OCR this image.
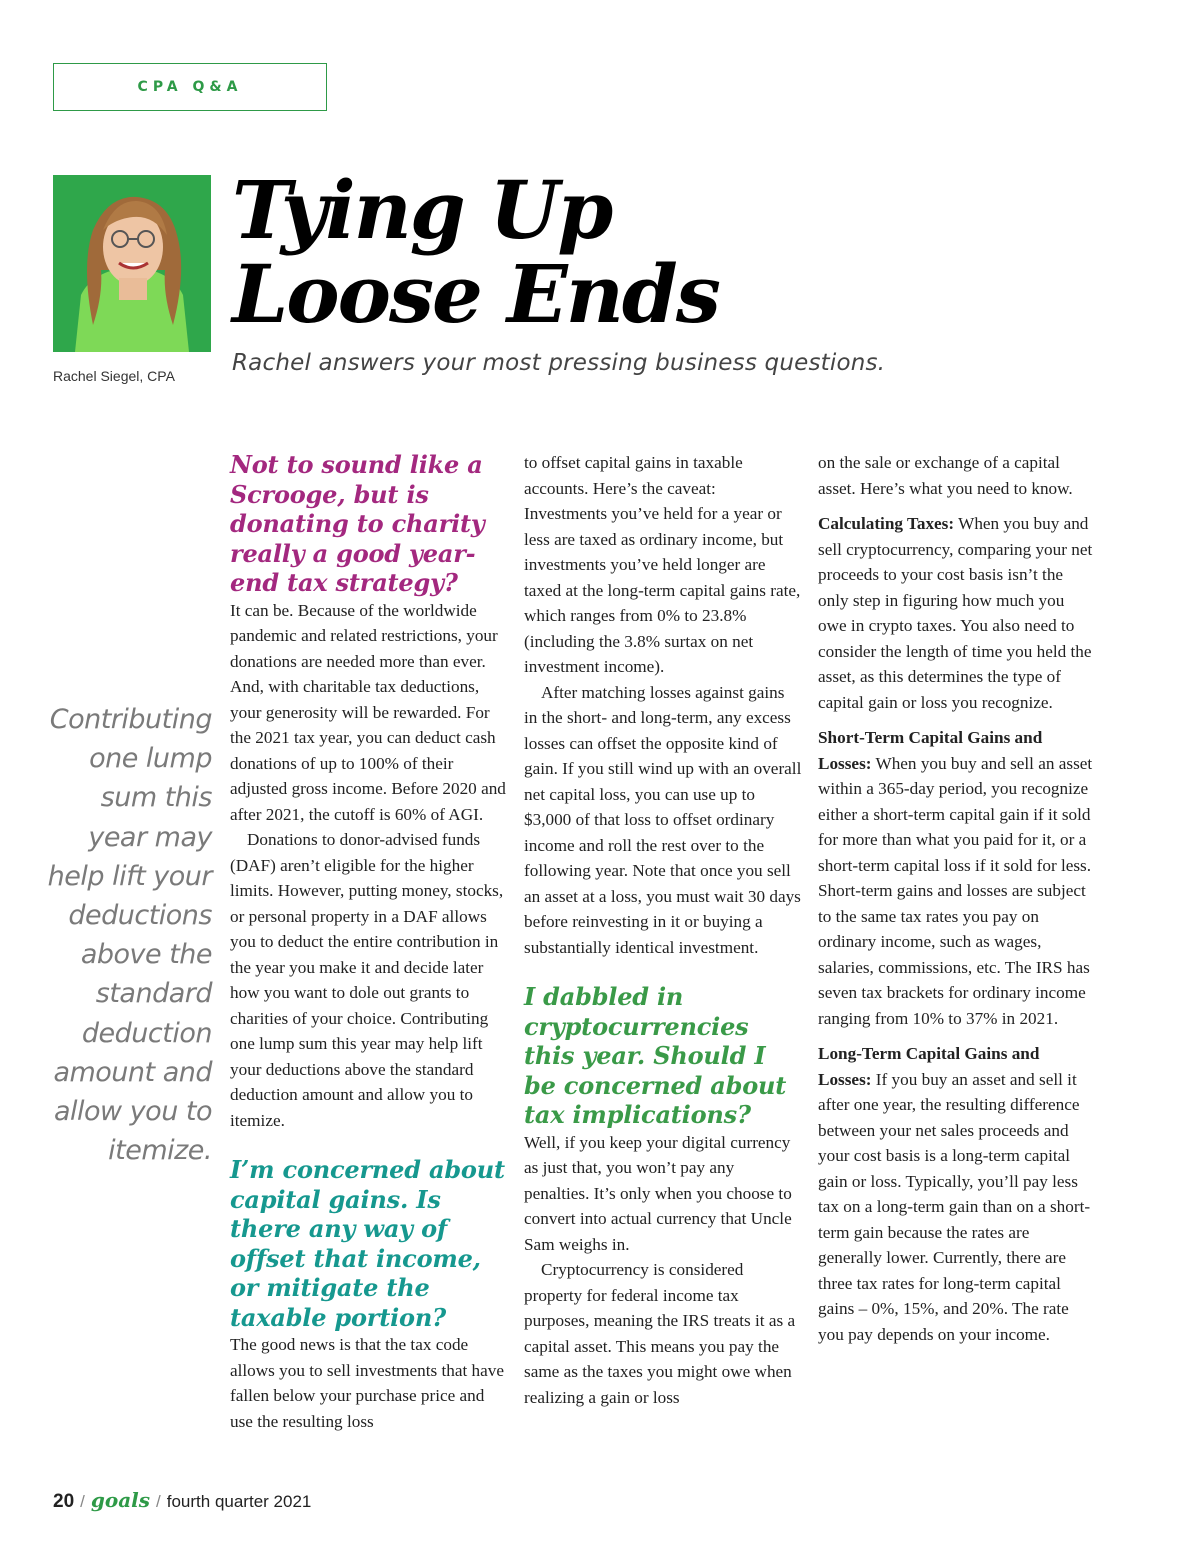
CPA Q&A
Rachel Siegel, CPA
Tying Up
Loose Ends

Rachel answers your most pressing business questions.

Contributing one lump sum this year may help lift your deductions above the standard deduction amount and allow you to itemize.

Not to sound like a Scrooge, but is donating to charity really a good year-end tax strategy?

It can be. Because of the worldwide pandemic and related restrictions, your donations are needed more than ever. And, with charitable tax deductions, your generosity will be rewarded. For the 2021 tax year, you can deduct cash donations of up to 100% of their adjusted gross income. Before 2020 and after 2021, the cutoff is 60% of AGI.

Donations to donor-advised funds (DAF) aren’t eligible for the higher limits. However, putting money, stocks, or personal property in a DAF allows you to deduct the entire contribution in the year you make it and decide later how you want to dole out grants to charities of your choice. Contributing one lump sum this year may help lift your deductions above the standard deduction amount and allow you to itemize.

I’m concerned about capital gains. Is there any way of offset that income, or mitigate the taxable portion?

The good news is that the tax code allows you to sell investments that have fallen below your purchase price and use the resulting loss

to offset capital gains in taxable accounts. Here’s the caveat: Investments you’ve held for a year or less are taxed as ordinary income, but investments you’ve held longer are taxed at the long-term capital gains rate, which ranges from 0% to 23.8% (including the 3.8% surtax on net investment income).

After matching losses against gains in the short- and long-term, any excess losses can offset the opposite kind of gain. If you still wind up with an overall net capital loss, you can use up to $3,000 of that loss to offset ordinary income and roll the rest over to the following year. Note that once you sell an asset at a loss, you must wait 30 days before reinvesting in it or buying a substantially identical investment.

I dabbled in cryptocurrencies this year. Should I be concerned about tax implications?

Well, if you keep your digital currency as just that, you won’t pay any penalties. It’s only when you choose to convert into actual currency that Uncle Sam weighs in.

Cryptocurrency is considered property for federal income tax purposes, meaning the IRS treats it as a capital asset. This means you pay the same as the taxes you might owe when realizing a gain or loss

on the sale or exchange of a capital asset. Here’s what you need to know.

Calculating Taxes: When you buy and sell cryptocurrency, comparing your net proceeds to your cost basis isn’t the only step in figuring how much you owe in crypto taxes. You also need to consider the length of time you held the asset, as this determines the type of capital gain or loss you recognize.

Short-Term Capital Gains and Losses: When you buy and sell an asset within a 365-day period, you recognize either a short-term capital gain if it sold for more than what you paid for it, or a short-term capital loss if it sold for less. Short-term gains and losses are subject to the same tax rates you pay on ordinary income, such as wages, salaries, commissions, etc. The IRS has seven tax brackets for ordinary income ranging from 10% to 37% in 2021.

Long-Term Capital Gains and Losses: If you buy an asset and sell it after one year, the resulting difference between your net sales proceeds and your cost basis is a long-term capital gain or loss. Typically, you’ll pay less tax on a long-term gain than on a short-term gain because the rates are generally lower. Currently, there are three tax rates for long-term capital gains – 0%, 15%, and 20%. The rate you pay depends on your income.

20 / goals / fourth quarter 2021
